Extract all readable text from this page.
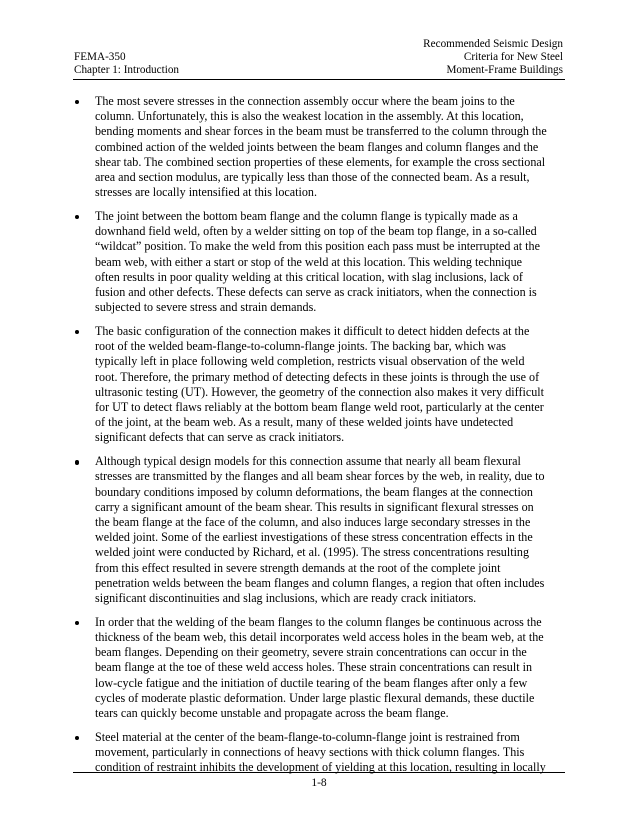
Recommended Seismic Design
Criteria for New Steel
Moment-Frame Buildings
FEMA-350
Chapter 1: Introduction
The most severe stresses in the connection assembly occur where the beam joins to the
column. Unfortunately, this is also the weakest location in the assembly. At this location,
bending moments and shear forces in the beam must be transferred to the column through the
combined action of the welded joints between the beam flanges and column flanges and the
shear tab. The combined section properties of these elements, for example the cross sectional
area and section modulus, are typically less than those of the connected beam. As a result,
stresses are locally intensified at this location.
The joint between the bottom beam flange and the column flange is typically made as a
downhand field weld, often by a welder sitting on top of the beam top flange, in a so-called
“wildcat” position. To make the weld from this position each pass must be interrupted at the
beam web, with either a start or stop of the weld at this location. This welding technique
often results in poor quality welding at this critical location, with slag inclusions, lack of
fusion and other defects. These defects can serve as crack initiators, when the connection is
subjected to severe stress and strain demands.
The basic configuration of the connection makes it difficult to detect hidden defects at the
root of the welded beam-flange-to-column-flange joints. The backing bar, which was
typically left in place following weld completion, restricts visual observation of the weld
root. Therefore, the primary method of detecting defects in these joints is through the use of
ultrasonic testing (UT). However, the geometry of the connection also makes it very difficult
for UT to detect flaws reliably at the bottom beam flange weld root, particularly at the center
of the joint, at the beam web. As a result, many of these welded joints have undetected
significant defects that can serve as crack initiators.
Although typical design models for this connection assume that nearly all beam flexural
stresses are transmitted by the flanges and all beam shear forces by the web, in reality, due to
boundary conditions imposed by column deformations, the beam flanges at the connection
carry a significant amount of the beam shear. This results in significant flexural stresses on
the beam flange at the face of the column, and also induces large secondary stresses in the
welded joint. Some of the earliest investigations of these stress concentration effects in the
welded joint were conducted by Richard, et al. (1995). The stress concentrations resulting
from this effect resulted in severe strength demands at the root of the complete joint
penetration welds between the beam flanges and column flanges, a region that often includes
significant discontinuities and slag inclusions, which are ready crack initiators.
In order that the welding of the beam flanges to the column flanges be continuous across the
thickness of the beam web, this detail incorporates weld access holes in the beam web, at the
beam flanges. Depending on their geometry, severe strain concentrations can occur in the
beam flange at the toe of these weld access holes. These strain concentrations can result in
low-cycle fatigue and the initiation of ductile tearing of the beam flanges after only a few
cycles of moderate plastic deformation. Under large plastic flexural demands, these ductile
tears can quickly become unstable and propagate across the beam flange.
Steel material at the center of the beam-flange-to-column-flange joint is restrained from
movement, particularly in connections of heavy sections with thick column flanges. This
condition of restraint inhibits the development of yielding at this location, resulting in locally
1-8
